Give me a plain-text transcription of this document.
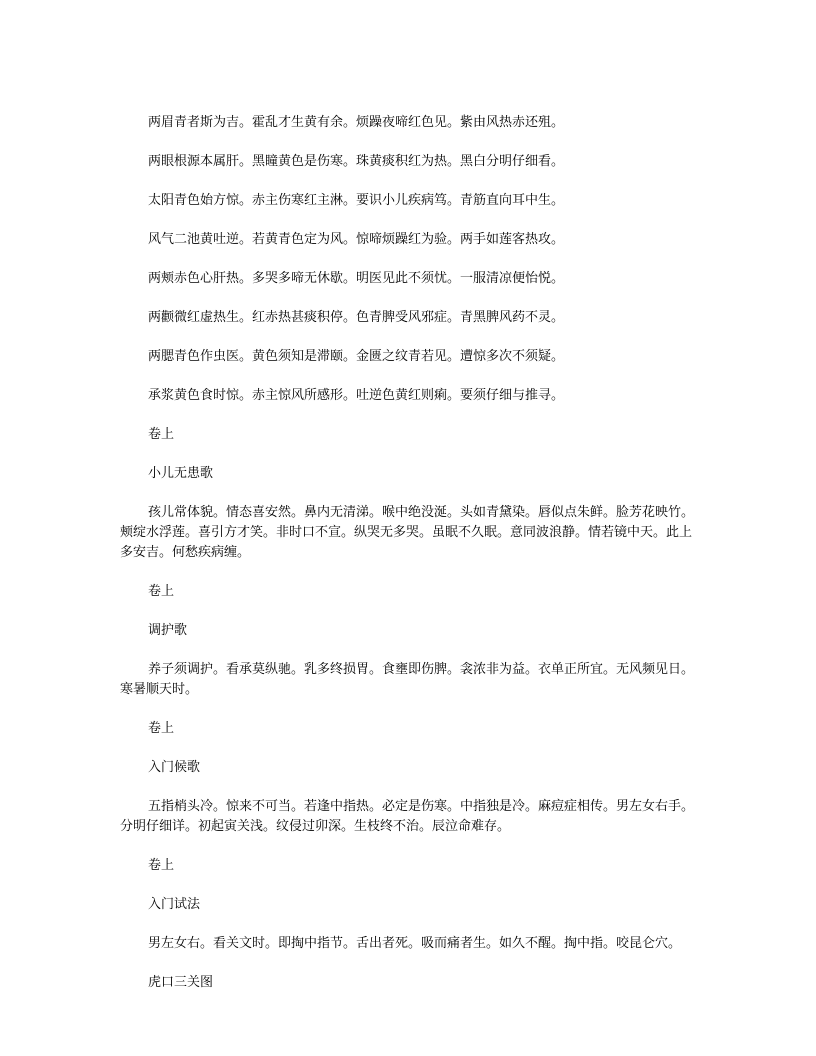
两眉青者斯为吉。霍乱才生黄有余。烦躁夜啼红色见。紫由风热赤还殂。

两眼根源本属肝。黑瞳黄色是伤寒。珠黄痰积红为热。黑白分明仔细看。

太阳青色始方惊。赤主伤寒红主淋。要识小儿疾病笃。青筋直向耳中生。

风气二池黄吐逆。若黄青色定为风。惊啼烦躁红为验。两手如莲客热攻。

两颊赤色心肝热。多哭多啼无休歇。明医见此不须忧。一服清凉便怡悦。

两颧微红虚热生。红赤热甚痰积停。色青脾受风邪症。青黑脾风药不灵。

两腮青色作虫医。黄色须知是滞颐。金匮之纹青若见。遭惊多次不须疑。

承浆黄色食时惊。赤主惊风所感形。吐逆色黄红则痢。要须仔细与推寻。

卷上

小儿无患歌

孩儿常体貌。情态喜安然。鼻内无清涕。喉中绝没涎。头如青黛染。唇似点朱鲜。脸芳花映竹。颊绽水浮莲。喜引方才笑。非时口不宣。纵哭无多哭。虽眠不久眠。意同波浪静。情若镜中天。此上多安吉。何愁疾病缠。

卷上

调护歌

养子须调护。看承莫纵驰。乳多终损胃。食壅即伤脾。衾浓非为益。衣单正所宜。无风频见日。寒暑顺天时。

卷上

入门候歌

五指梢头冷。惊来不可当。若逢中指热。必定是伤寒。中指独是冷。麻痘症相传。男左女右手。分明仔细详。初起寅关浅。纹侵过卯深。生枝终不治。辰泣命难存。

卷上

入门试法

男左女右。看关文时。即掏中指节。舌出者死。吸而痛者生。如久不醒。掏中指。咬昆仑穴。

虎口三关图
